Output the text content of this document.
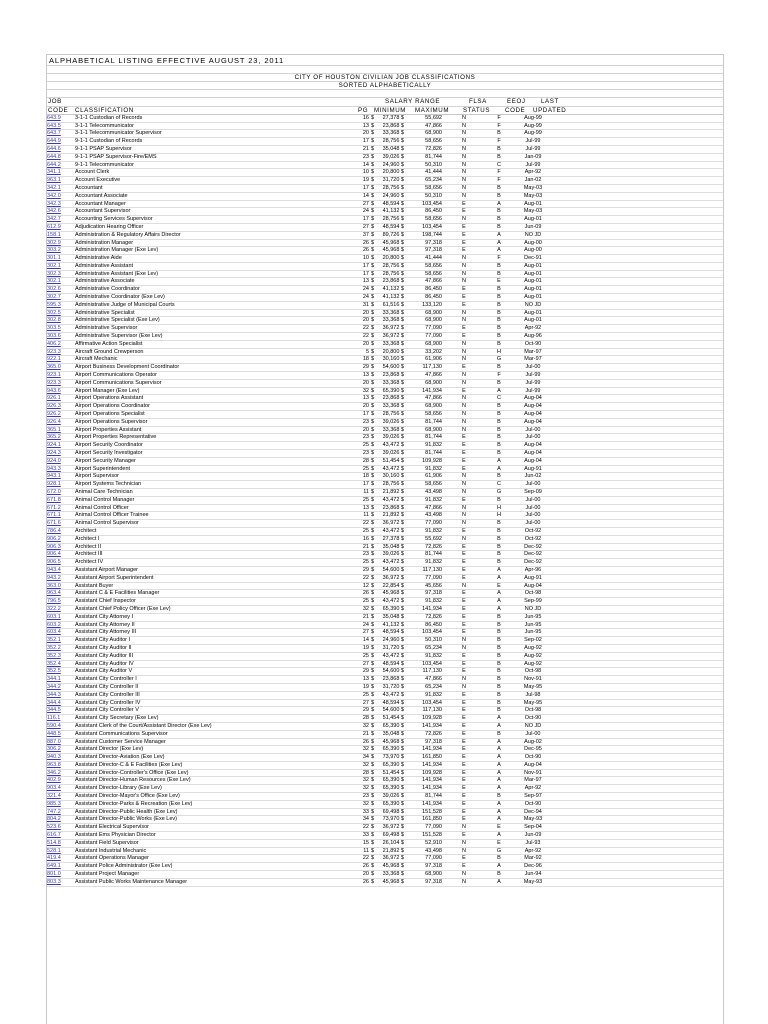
ALPHABETICAL LISTING EFFECTIVE AUGUST 23, 2011
CITY OF HOUSTON CIVILIAN JOB CLASSIFICATIONS
SORTED ALPHABETICALLY
JOB	SALARY RANGE	FLSA	EEOJ LAST
CODE CLASSIFICATION	PG MINIMUM MAXIMUM STATUS CODE UPDATED
643.9	3-1-1 Custodian of Records	16	$	27,378 $	55,692	N	F	Aug-99	
643.5	3-1-1 Telecommunicator	13	$	23,868 $	47,866	N	F	Aug-99	
643.7	3-1-1 Telecommunicator Supervisor	20	$	33,368 $	68,900	N	B	Aug-99	
644.9	9-1-1 Custodian of Records	17	$	28,756 $	58,656	N	F	Jul-99	
644.6	9-1-1 PSAP Supervisor	21	$	35,048 $	72,826	N	B	Jul-99	
644.8	9-1-1 PSAP Supervisor-Fire/EMS	23	$	39,026 $	81,744	N	B	Jan-09	
644.2	9-1-1 Telecommunicator	14	$	24,960 $	50,310	N	C	Jul-99	
341.1	Account Clerk	10	$	20,800 $	41,444	N	F	Apr-92	
963.1	Account Executive	19	$	31,720 $	65,234	N	F	Jan-02	
342.1	Accountant	17	$	28,756 $	58,656	N	B	May-03	
342.0	Accountant Associate	14	$	24,960 $	50,310	N	B	May-03	
342.3	Accountant Manager	27	$	48,594 $	103,454	E	A	Aug-01	
342.6	Accountant Supervisor	24	$	41,132 $	86,450	E	B	May-03	
342.7	Accounting Services Supervisor	17	$	28,756 $	58,656	N	B	Aug-01	
612.9	Adjudication Hearing Officer	27	$	48,594 $	103,454	E	B	Jun-09	
158.1	Administration & Regulatory Affairs Director	37	$	89,726 $	198,744	E	A	NO JD	
302.9	Administration Manager	26	$	45,968 $	97,318	E	A	Aug-00	
303.2	Administration Manager (Exe Lev)	26	$	45,968 $	97,318	E	A	Aug-00	
301.1	Administrative Aide	10	$	20,800 $	41,444	N	F	Dec-91	
302.1	Administrative Assistant	17	$	28,756 $	58,656	N	B	Aug-01	
302.3	Administrative Assistant (Exe Lev)	17	$	28,756 $	58,656	N	B	Aug-01	
302.1	Administrative Associate	13	$	23,868 $	47,866	N	E	Aug-01	
302.6	Administrative Coordinator	24	$	41,132 $	86,450	E	B	Aug-01	
302.7	Administrative Coordinator (Exe Lev)	24	$	41,132 $	86,450	E	B	Aug-01	
595.3	Administrative Judge of Municipal Courts	31	$	61,516 $	133,120	E	B	NO JD	
302.5	Administrative Specialist	20	$	33,368 $	68,900	N	B	Aug-01	
302.8	Administrative Specialist (Exe Lev)	20	$	33,368 $	68,900	N	B	Aug-01	
303.5	Administrative Supervisor	22	$	36,972 $	77,090	E	B	Apr-92	
303.6	Administrative Supervisor (Exe Lev)	22	$	36,972 $	77,090	E	B	Aug-96	
406.2	Affirmative Action Specialist	20	$	33,368 $	68,900	N	B	Oct-90	
923.3	Aircraft Ground Crewperson	5	$	20,800 $	33,202	N	H	Mar-97	
922.1	Aircraft Mechanic	18	$	30,160 $	61,906	N	G	Mar-97	
365.0	Airport Business Development Coordinator	29	$	54,600 $	117,130	E	B	Jul-00	
923.1	Airport Communications Operator	13	$	23,868 $	47,866	N	F	Jul-99	
923.3	Airport Communications Supervisor	20	$	33,368 $	68,900	N	B	Jul-99	
943.6	Airport Manager (Exe Lev)	32	$	65,390 $	141,934	E	A	Jul-99	
926.1	Airport Operations Assistant	13	$	23,868 $	47,866	N	C	Aug-04	
926.3	Airport Operations Coordinator	20	$	33,368 $	68,900	N	B	Aug-04	
926.2	Airport Operations Specialist	17	$	28,756 $	58,656	N	B	Aug-04	
926.4	Airport Operations Supervisor	23	$	39,026 $	81,744	N	B	Aug-04	
365.1	Airport Properties Assistant	20	$	33,368 $	68,900	N	B	Jul-00	
365.2	Airport Properties Representative	23	$	39,026 $	81,744	E	B	Jul-00	
924.1	Airport Security Coordinator	25	$	43,472 $	91,832	E	B	Aug-04	
924.3	Airport Security Investigator	23	$	39,026 $	81,744	E	B	Aug-04	
924.0	Airport Security Manager	28	$	51,454 $	109,928	E	A	Aug-04	
943.3	Airport Superintendent	25	$	43,472 $	91,832	E	A	Aug-91	
943.1	Airport Supervisor	18	$	30,160 $	61,906	N	B	Jun-02	
928.1	Airport Systems Technician	17	$	28,756 $	58,656	N	C	Jul-00	
672.0	Animal Care Technician	11	$	21,892 $	43,498	N	G	Sep-09	
671.8	Animal Control Manager	25	$	43,472 $	91,832	E	B	Jul-00	
671.2	Animal Control Officer	13	$	23,868 $	47,866	N	H	Jul-00	
671.1	Animal Control Officer Trainee	11	$	21,892 $	43,498	N	H	Jul-00	
671.6	Animal Control Supervisor	22	$	36,972 $	77,090	N	B	Jul-00	
786.4	Architect	25	$	43,472 $	91,832	E	B	Oct-92	
906.2	Architect I	16	$	27,378 $	55,692	N	B	Oct-92	
906.3	Architect II	21	$	35,048 $	72,826	E	B	Dec-92	
906.4	Architect III	23	$	39,026 $	81,744	E	B	Dec-92	
906.5	Architect IV	25	$	43,472 $	91,832	E	B	Dec-92	
943.4	Assistant Airport Manager	29	$	54,600 $	117,130	E	A	Apr-96	
943.2	Assistant Airport Superintendent	22	$	36,972 $	77,090	E	A	Aug-91	
363.0	Assistant Buyer	12	$	22,854 $	45,656	N	E	Aug-04	
963.4	Assistant C & E Facilities Manager	26	$	45,968 $	97,318	E	A	Oct-98	
796.5	Assistant Chief Inspector	25	$	43,472 $	91,832	E	A	Sep-99	
322.2	Assistant Chief Policy Officer (Exe Lev)	32	$	65,390 $	141,934	E	A	NO JD	
603.1	Assistant City Attorney I	21	$	35,048 $	72,826	E	B	Jun-95	
603.2	Assistant City Attorney II	24	$	41,132 $	86,450	E	B	Jun-95	
603.4	Assistant City Attorney III	27	$	48,594 $	103,454	E	B	Jun-95	
352.1	Assistant City Auditor I	14	$	24,960 $	50,310	N	B	Sep-02	
352.2	Assistant City Auditor II	19	$	31,720 $	65,234	N	B	Aug-92	
352.3	Assistant City Auditor III	25	$	43,472 $	91,832	E	B	Aug-92	
352.4	Assistant City Auditor IV	27	$	48,594 $	103,454	E	B	Aug-92	
352.5	Assistant City Auditor V	29	$	54,600 $	117,130	E	B	Oct-98	
344.1	Assistant City Controller I	13	$	23,868 $	47,866	N	B	Nov-91	
344.2	Assistant City Controller II	19	$	31,720 $	65,234	N	B	May-95	
344.3	Assistant City Controller III	25	$	43,472 $	91,832	E	B	Jul-98	
344.4	Assistant City Controller IV	27	$	48,594 $	103,454	E	B	May-95	
344.5	Assistant City Controller V	29	$	54,600 $	117,130	E	B	Oct-98	
116.1	Assistant City Secretary (Exe Lev)	28	$	51,454 $	109,928	E	A	Oct-90	
590.4	Assistant Clerk of the Court/Assistant Director (Exe Lev)	32	$	65,390 $	141,934	E	A	NO JD	
448.5	Assistant Communications Supervisor	21	$	35,048 $	72,826	E	B	Jul-00	
887.0	Assistant Customer Service Manager	26	$	45,968 $	97,318	E	A	Aug-02	
306.2	Assistant Director (Exe Lev)	32	$	65,390 $	141,934	E	A	Dec-95	
940.3	Assistant Director-Aviation (Exe Lev)	34	$	73,970 $	161,850	E	A	Oct-90	
963.8	Assistant Director-C & E Facilities (Exe Lev)	32	$	65,390 $	141,934	E	A	Aug-04	
346.2	Assistant Director-Controller's Office (Exe Lev)	28	$	51,454 $	109,928	E	A	Nov-91	
402.9	Assistant Director-Human Resources (Exe Lev)	32	$	65,390 $	141,934	E	A	Mar-97	
903.4	Assistant Director-Library (Exe Lev)	32	$	65,390 $	141,934	E	A	Apr-92	
321.4	Assistant Director-Mayor's Office (Exe Lev)	23	$	39,026 $	81,744	E	B	Sep-97	
985.3	Assistant Director-Parks & Recreation (Exe Lev)	32	$	65,390 $	141,934	E	A	Oct-90	
747.2	Assistant Director-Public Health (Exe Lev)	33	$	69,498 $	151,528	E	A	Dec-94	
804.2	Assistant Director-Public Works (Exe Lev)	34	$	73,970 $	161,850	E	A	May-93	
523.6	Assistant Electrical Supervisor	22	$	36,972 $	77,090	N	E	Sep-04	
616.7	Assistant Ems Physician Director	33	$	69,498 $	151,528	E	A	Jun-09	
514.8	Assistant Field Supervisor	15	$	26,104 $	52,910	N	E	Jul-93	
528.1	Assistant Industrial Mechanic	11	$	21,892 $	43,498	N	G	Apr-92	
419.4	Assistant Operations Manager	22	$	36,972 $	77,090	E	B	Mar-92	
649.1	Assistant Police Administrator (Exe Lev)	26	$	45,968 $	97,318	E	A	Dec-96	
801.0	Assistant Project Manager	20	$	33,368 $	68,900	N	B	Jun-94	
803.3	Assistant Public Works Maintenance Manager	26	$	45,968 $	97,318	N	A	May-93	
